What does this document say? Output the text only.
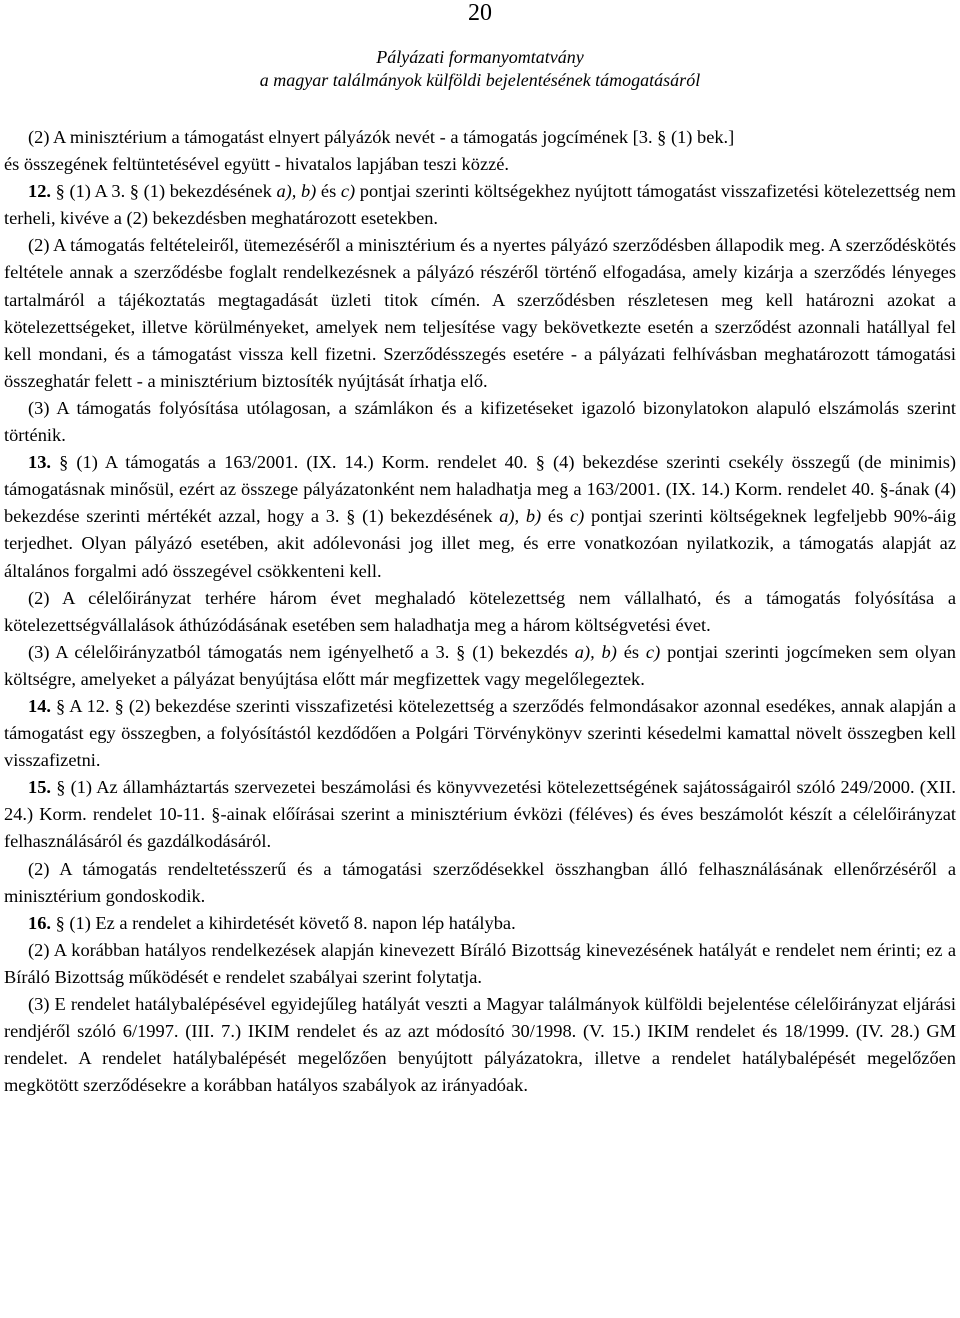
20
Pályázati formanyomtatvány
a magyar találmányok külföldi bejelentésének támogatásáról

(2) A minisztérium a támogatást elnyert pályázók nevét - a támogatás jogcímének [3. § (1) bek.]

és összegének feltüntetésével együtt - hivatalos lapjában teszi közzé.

12. § (1) A 3. § (1) bekezdésének a), b) és c) pontjai szerinti költségekhez nyújtott támogatást visszafizetési kötelezettség nem terheli, kivéve a (2) bekezdésben meghatározott esetekben.

(2) A támogatás feltételeiről, ütemezéséről a minisztérium és a nyertes pályázó szerződésben állapodik meg. A szerződéskötés feltétele annak a szerződésbe foglalt rendelkezésnek a pályázó részéről történő elfogadása, amely kizárja a szerződés lényeges tartalmáról a tájékoztatás megtagadását üzleti titok címén. A szerződésben részletesen meg kell határozni azokat a kötelezettségeket, illetve körülményeket, amelyek nem teljesítése vagy bekövetkezte esetén a szerződést azonnali hatállyal fel kell mondani, és a támogatást vissza kell fizetni. Szerződésszegés esetére - a pályázati felhívásban meghatározott támogatási összeghatár felett - a minisztérium biztosíték nyújtását írhatja elő.

(3) A támogatás folyósítása utólagosan, a számlákon és a kifizetéseket igazoló bizonylatokon alapuló elszámolás szerint történik.

13. § (1) A támogatás a 163/2001. (IX. 14.) Korm. rendelet 40. § (4) bekezdése szerinti csekély összegű (de minimis) támogatásnak minősül, ezért az összege pályázatonként nem haladhatja meg a 163/2001. (IX. 14.) Korm. rendelet 40. §-ának (4) bekezdése szerinti mértékét azzal, hogy a 3. § (1) bekezdésének a), b) és c) pontjai szerinti költségeknek legfeljebb 90%-áig terjedhet. Olyan pályázó esetében, akit adólevonási jog illet meg, és erre vonatkozóan nyilatkozik, a támogatás alapját az általános forgalmi adó összegével csökkenteni kell.

(2) A célelőirányzat terhére három évet meghaladó kötelezettség nem vállalható, és a támogatás folyósítása a kötelezettségvállalások áthúzódásának esetében sem haladhatja meg a három költségvetési évet.

(3) A célelőirányzatból támogatás nem igényelhető a 3. § (1) bekezdés a), b) és c) pontjai szerinti jogcímeken sem olyan költségre, amelyeket a pályázat benyújtása előtt már megfizettek vagy megelőlegeztek.

14. § A 12. § (2) bekezdése szerinti visszafizetési kötelezettség a szerződés felmondásakor azonnal esedékes, annak alapján a támogatást egy összegben, a folyósítástól kezdődően a Polgári Törvénykönyv szerinti késedelmi kamattal növelt összegben kell visszafizetni.

15. § (1) Az államháztartás szervezetei beszámolási és könyvvezetési kötelezettségének sajátosságairól szóló 249/2000. (XII. 24.) Korm. rendelet 10-11. §-ainak előírásai szerint a minisztérium évközi (féléves) és éves beszámolót készít a célelőirányzat felhasználásáról és gazdálkodásáról.

(2) A támogatás rendeltetésszerű és a támogatási szerződésekkel összhangban álló felhasználásának ellenőrzéséről a minisztérium gondoskodik.

16. § (1) Ez a rendelet a kihirdetését követő 8. napon lép hatályba.

(2) A korábban hatályos rendelkezések alapján kinevezett Bíráló Bizottság kinevezésének hatályát e rendelet nem érinti; ez a Bíráló Bizottság működését e rendelet szabályai szerint folytatja.

(3) E rendelet hatálybalépésével egyidejűleg hatályát veszti a Magyar találmányok külföldi bejelentése célelőirányzat eljárási rendjéről szóló 6/1997. (III. 7.) IKIM rendelet és az azt módosító 30/1998. (V. 15.) IKIM rendelet és 18/1999. (IV. 28.) GM rendelet. A rendelet hatálybalépését megelőzően benyújtott pályázatokra, illetve a rendelet hatálybalépését megelőzően megkötött szerződésekre a korábban hatályos szabályok az irányadóak.
